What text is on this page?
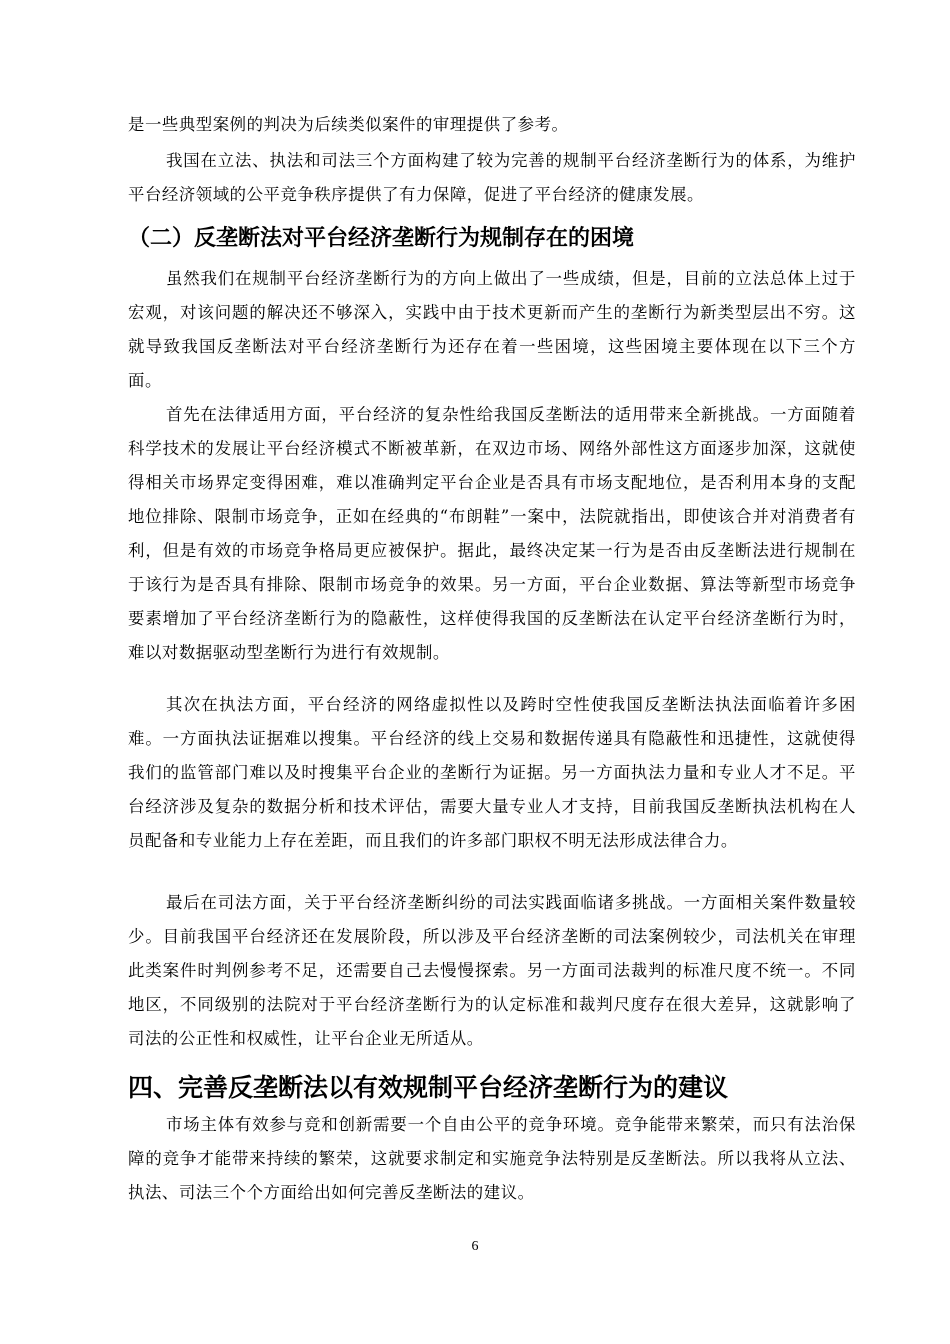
是一些典型案例的判决为后续类似案件的审理提供了参考。

我国在立法、执法和司法三个方面构建了较为完善的规制平台经济垄断行为的体系，为维护平台经济领域的公平竞争秩序提供了有力保障，促进了平台经济的健康发展。

（二）反垄断法对平台经济垄断行为规制存在的困境

虽然我们在规制平台经济垄断行为的方向上做出了一些成绩，但是，目前的立法总体上过于宏观，对该问题的解决还不够深入，实践中由于技术更新而产生的垄断行为新类型层出不穷。这就导致我国反垄断法对平台经济垄断行为还存在着一些困境，这些困境主要体现在以下三个方面。

首先在法律适用方面，平台经济的复杂性给我国反垄断法的适用带来全新挑战。一方面随着科学技术的发展让平台经济模式不断被革新，在双边市场、网络外部性这方面逐步加深，这就使得相关市场界定变得困难，难以准确判定平台企业是否具有市场支配地位，是否利用本身的支配地位排除、限制市场竞争，正如在经典的“布朗鞋”一案中，法院就指出，即使该合并对消费者有利，但是有效的市场竞争格局更应被保护。据此，最终决定某一行为是否由反垄断法进行规制在于该行为是否具有排除、限制市场竞争的效果。另一方面，平台企业数据、算法等新型市场竞争要素增加了平台经济垄断行为的隐蔽性，这样使得我国的反垄断法在认定平台经济垄断行为时，难以对数据驱动型垄断行为进行有效规制。

其次在执法方面，平台经济的网络虚拟性以及跨时空性使我国反垄断法执法面临着许多困难。一方面执法证据难以搜集。平台经济的线上交易和数据传递具有隐蔽性和迅捷性，这就使得我们的监管部门难以及时搜集平台企业的垄断行为证据。另一方面执法力量和专业人才不足。平台经济涉及复杂的数据分析和技术评估，需要大量专业人才支持，目前我国反垄断执法机构在人员配备和专业能力上存在差距，而且我们的许多部门职权不明无法形成法律合力。

最后在司法方面，关于平台经济垄断纠纷的司法实践面临诸多挑战。一方面相关案件数量较少。目前我国平台经济还在发展阶段，所以涉及平台经济垄断的司法案例较少，司法机关在审理此类案件时判例参考不足，还需要自己去慢慢探索。另一方面司法裁判的标准尺度不统一。不同地区，不同级别的法院对于平台经济垄断行为的认定标准和裁判尺度存在很大差异，这就影响了司法的公正性和权威性，让平台企业无所适从。

四、完善反垄断法以有效规制平台经济垄断行为的建议

市场主体有效参与竞和创新需要一个自由公平的竞争环境。竞争能带来繁荣，而只有法治保障的竞争才能带来持续的繁荣，这就要求制定和实施竞争法特别是反垄断法。所以我将从立法、执法、司法三个个方面给出如何完善反垄断法的建议。

6
